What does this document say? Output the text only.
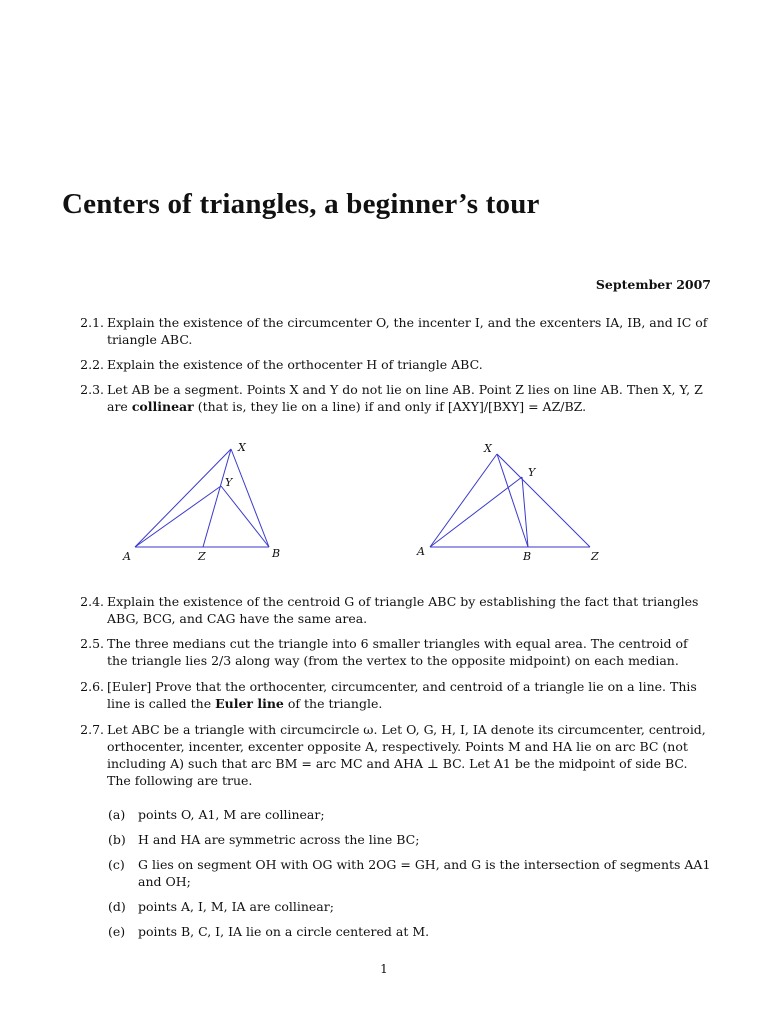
Centers of triangles, a beginner’s tour
September 2007
2.1. Explain the existence of the circumcenter O, the incenter I, and the excenters IA, IB, and IC of triangle ABC.
2.2. Explain the existence of the orthocenter H of triangle ABC.
2.3. Let AB be a segment. Points X and Y do not lie on line AB. Point Z lies on line AB. Then X, Y, Z are collinear (that is, they lie on a line) if and only if [AXY]/[BXY] = AZ/BZ.
A	B
X
Y
Z	A	B
X
Y
Z
2.4. Explain the existence of the centroid G of triangle ABC by establishing the fact that triangles ABG, BCG, and CAG have the same area.
2.5. The three medians cut the triangle into 6 smaller triangles with equal area. The centroid of the triangle lies 2/3 along way (from the vertex to the opposite midpoint) on each median.
2.6. [Euler] Prove that the orthocenter, circumcenter, and centroid of a triangle lie on a line. This line is called the Euler line of the triangle.
2.7. Let ABC be a triangle with circumcircle ω. Let O, G, H, I, IA denote its circumcenter, centroid, orthocenter, incenter, excenter opposite A, respectively. Points M and HA lie on arc BC (not including A) such that arc BM = arc MC and AHA ⊥ BC. Let A1 be the midpoint of side BC. The following are true.
(a) points O, A1, M are collinear;
(b) H and HA are symmetric across the line BC;
(c) G lies on segment OH with OG with 2OG = GH, and G is the intersection of segments AA1 and OH;
(d) points A, I, M, IA are collinear;
(e) points B, C, I, IA lie on a circle centered at M.
1
